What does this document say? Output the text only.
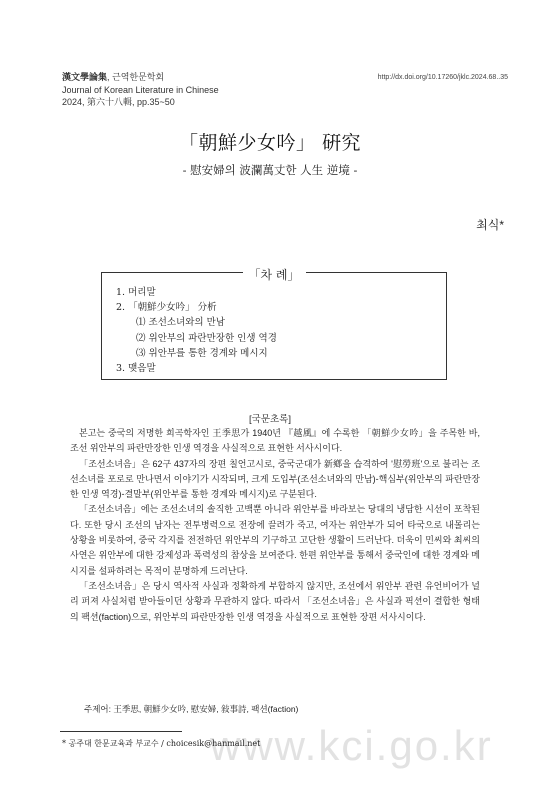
漢文學論集, 근역한문학회
Journal of Korean Literature in Chinese
2024, 第六十八輯, pp.35~50
http://dx.doi.org/10.17260/jklc.2024.68..35
「朝鮮少女吟」 硏究
- 慰安婦의 波瀾萬丈한 人生 逆境 -
최식*
「차 례」
1. 머리말
2. 「朝鮮少女吟」 分析
⑴ 조선소녀와의 만남
⑵ 위안부의 파란만장한 인생 역경
⑶ 위안부를 통한 경계와 메시지
3. 맺음말
[국문초록]

본고는 중국의 저명한 희곡학자인 王季思가 1940년 『越風』에 수록한 「朝鮮少女吟」을 주목한 바, 조선 위안부의 파란만장한 인생 역경을 사실적으로 표현한 서사시이다.

「조선소녀음」은 62구 437자의 장편 칠언고시로, 중국군대가 新鄕을 습격하여 '慰勞班'으로 불리는 조선소녀를 포로로 만나면서 이야기가 시작되며, 크게 도입부(조선소녀와의 만남)-핵심부(위안부의 파란만장한 인생 역경)-결말부(위안부를 통한 경계와 메시지)로 구분된다.

「조선소녀음」에는 조선소녀의 솔직한 고백뿐 아니라 위안부를 바라보는 당대의 냉담한 시선이 포착된다. 또한 당시 조선의 남자는 전투병력으로 전장에 끌려가 죽고, 여자는 위안부가 되어 타국으로 내몰리는 상황을 비롯하여, 중국 각지를 전전하던 위안부의 기구하고 고단한 생활이 드러난다. 더욱이 민씨와 최씨의 사연은 위안부에 대한 강제성과 폭력성의 참상을 보여준다. 한편 위안부를 통해서 중국인에 대한 경계와 메시지를 설파하려는 목적이 분명하게 드러난다.

「조선소녀음」은 당시 역사적 사실과 정확하게 부합하지 않지만, 조선에서 위안부 관련 유언비어가 널리 퍼져 사실처럼 받아들이던 상황과 무관하지 않다. 따라서 「조선소녀음」은 사실과 픽션이 결합한 형태의 팩션(faction)으로, 위안부의 파란만장한 인생 역경을 사실적으로 표현한 장편 서사시이다.

주제어: 王季思, 朝鮮少女吟, 慰安婦, 敍事詩, 팩션(faction)
www.kci.go.kr
* 공주대 한문교육과 부교수 / choicesik@hanmail.net
